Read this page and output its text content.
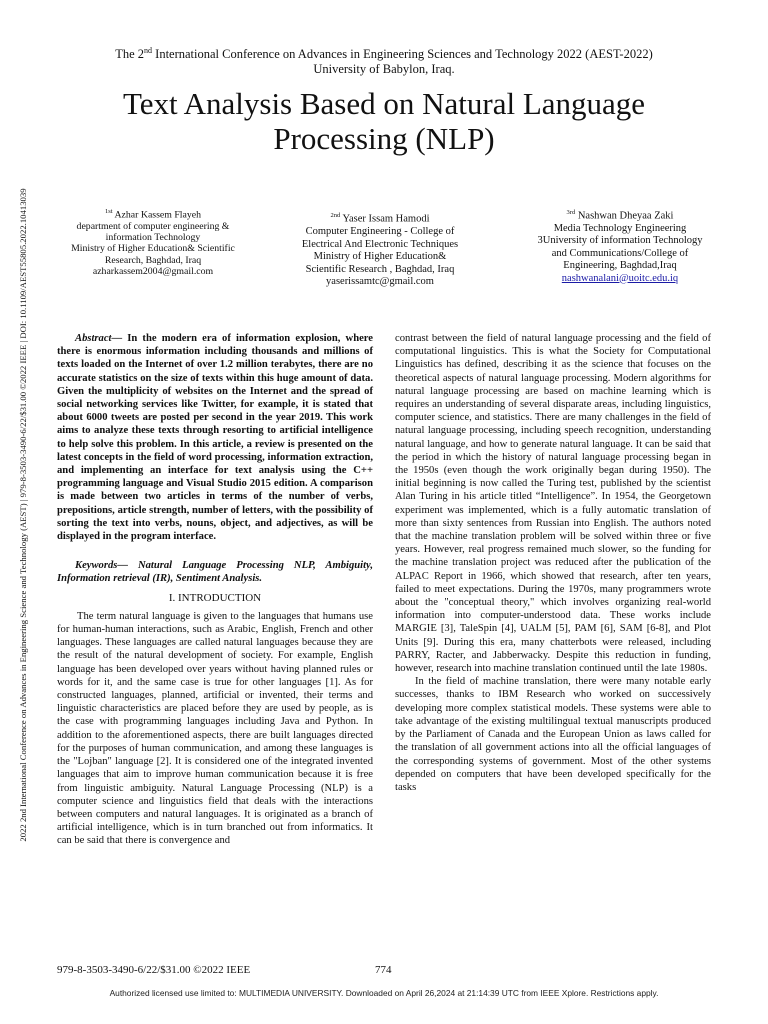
The 2nd International Conference on Advances in Engineering Sciences and Technology 2022 (AEST-2022)
University of Babylon, Iraq.
Text Analysis Based on Natural Language Processing (NLP)
2022 2nd International Conference on Advances in Engineering Science and Technology (AEST) | 979-8-3503-3490-6/22/$31.00 ©2022 IEEE | DOI: 10.1109/AEST55805.2022.10413039	$^{1st}$ Azhar Kassem Flayeh
department of computer engineering &
information Technology
Ministry of Higher Education& Scientific
Research, Baghdad, Iraq
azharkassem2004@gmail.com
$^{2nd}$ Yaser Issam Hamodi
Computer Engineering - College of
Electrical And Electronic Techniques
Ministry of Higher Education&
Scientific Research , Baghdad, Iraq
yaserissamtc@gmail.com
$^{3rd}$ Nashwan Dheyaa Zaki
Media Technology Engineering
3University of information Technology
and Communications/College of
Engineering, Baghdad,Iraq
nashwanalani@uoitc.edu.iq

Abstract— In the modern era of information explosion, where there is enormous information including thousands and millions of texts loaded on the Internet of over 1.2 million terabytes, there are no accurate statistics on the size of texts within this huge amount of data. Given the multiplicity of websites on the Internet and the spread of social networking services like Twitter, for example, it is stated that about 6000 tweets are posted per second in the year 2019. This work aims to analyze these texts through resorting to artificial intelligence to help solve this problem. In this article, a review is presented on the latest concepts in the field of word processing, information extraction, and implementing an interface for text analysis using the C++ programming language and Visual Studio 2015 edition. A comparison is made between two articles in terms of the number of verbs, prepositions, article strength, number of letters, with the possibility of sorting the text into verbs, nouns, object, and adjectives, as will be displayed in the program interface.

Keywords— Natural Language Processing NLP, Ambiguity, Information retrieval (IR), Sentiment Analysis.

I. INTRODUCTION

The term natural language is given to the languages that humans use for human-human interactions, such as Arabic, English, French and other languages. These languages are called natural languages because they are the result of the natural development of society. For example, English language has been developed over years without having planned rules or words for it, and the same case is true for other languages [1]. As for constructed languages, planned, artificial or invented, their terms and linguistic characteristics are placed before they are used by people, as is the case with programming languages including Java and Python. In addition to the aforementioned aspects, there are built languages directed for the purposes of human communication, and among these languages is the "Lojban" language [2]. It is considered one of the integrated invented languages that aim to improve human communication because it is free from linguistic ambiguity. Natural Language Processing (NLP) is a computer science and linguistics field that deals with the interactions between computers and natural languages. It is originated as a branch of artificial intelligence, which is in turn branched out from informatics. It can be said that there is convergence and

contrast between the field of natural language processing and the field of computational linguistics. This is what the Society for Computational Linguistics has defined, describing it as the science that focuses on the theoretical aspects of natural language processing. Modern algorithms for natural language processing are based on machine learning which is requires an understanding of several disparate areas, including linguistics, computer science, and statistics. There are many challenges in the field of natural language processing, including speech recognition, understanding natural language, and how to generate natural language. It can be said that the period in which the history of natural language processing began in the 1950s (even though the work originally began during 1950). The initial beginning is now called the Turing test, published by the scientist Alan Turing in his article titled “Intelligence”. In 1954, the Georgetown experiment was implemented, which is a fully automatic translation of more than sixty sentences from Russian into English. The authors noted that the machine translation problem will be solved within three or five years. However, real progress remained much slower, so the funding for the machine translation project was reduced after the publication of the ALPAC Report in 1966, which showed that research, after ten years, failed to meet expectations. During the 1970s, many programmers wrote about the "conceptual theory," which involves organizing real-world information into computer-understood data. These works include MARGIE [3], TaleSpin [4], UALM [5], PAM [6], SAM [6-8], and Plot Units [9]. During this era, many chatterbots were released, including PARRY, Racter, and Jabberwacky. Despite this reduction in funding, however, research into machine translation continued until the late 1980s.

In the field of machine translation, there were many notable early successes, thanks to IBM Research who worked on successively developing more complex statistical models. These systems were able to take advantage of the existing multilingual textual manuscripts produced by the Parliament of Canada and the European Union as laws called for the translation of all government actions into all the official languages of the corresponding systems of government. Most of the other systems depended on computers that have been developed specifically for the tasks

979-8-3503-3490-6/22/$31.00 ©2022 IEEE	774
Authorized licensed use limited to: MULTIMEDIA UNIVERSITY. Downloaded on April 26,2024 at 21:14:39 UTC from IEEE Xplore. Restrictions apply.
